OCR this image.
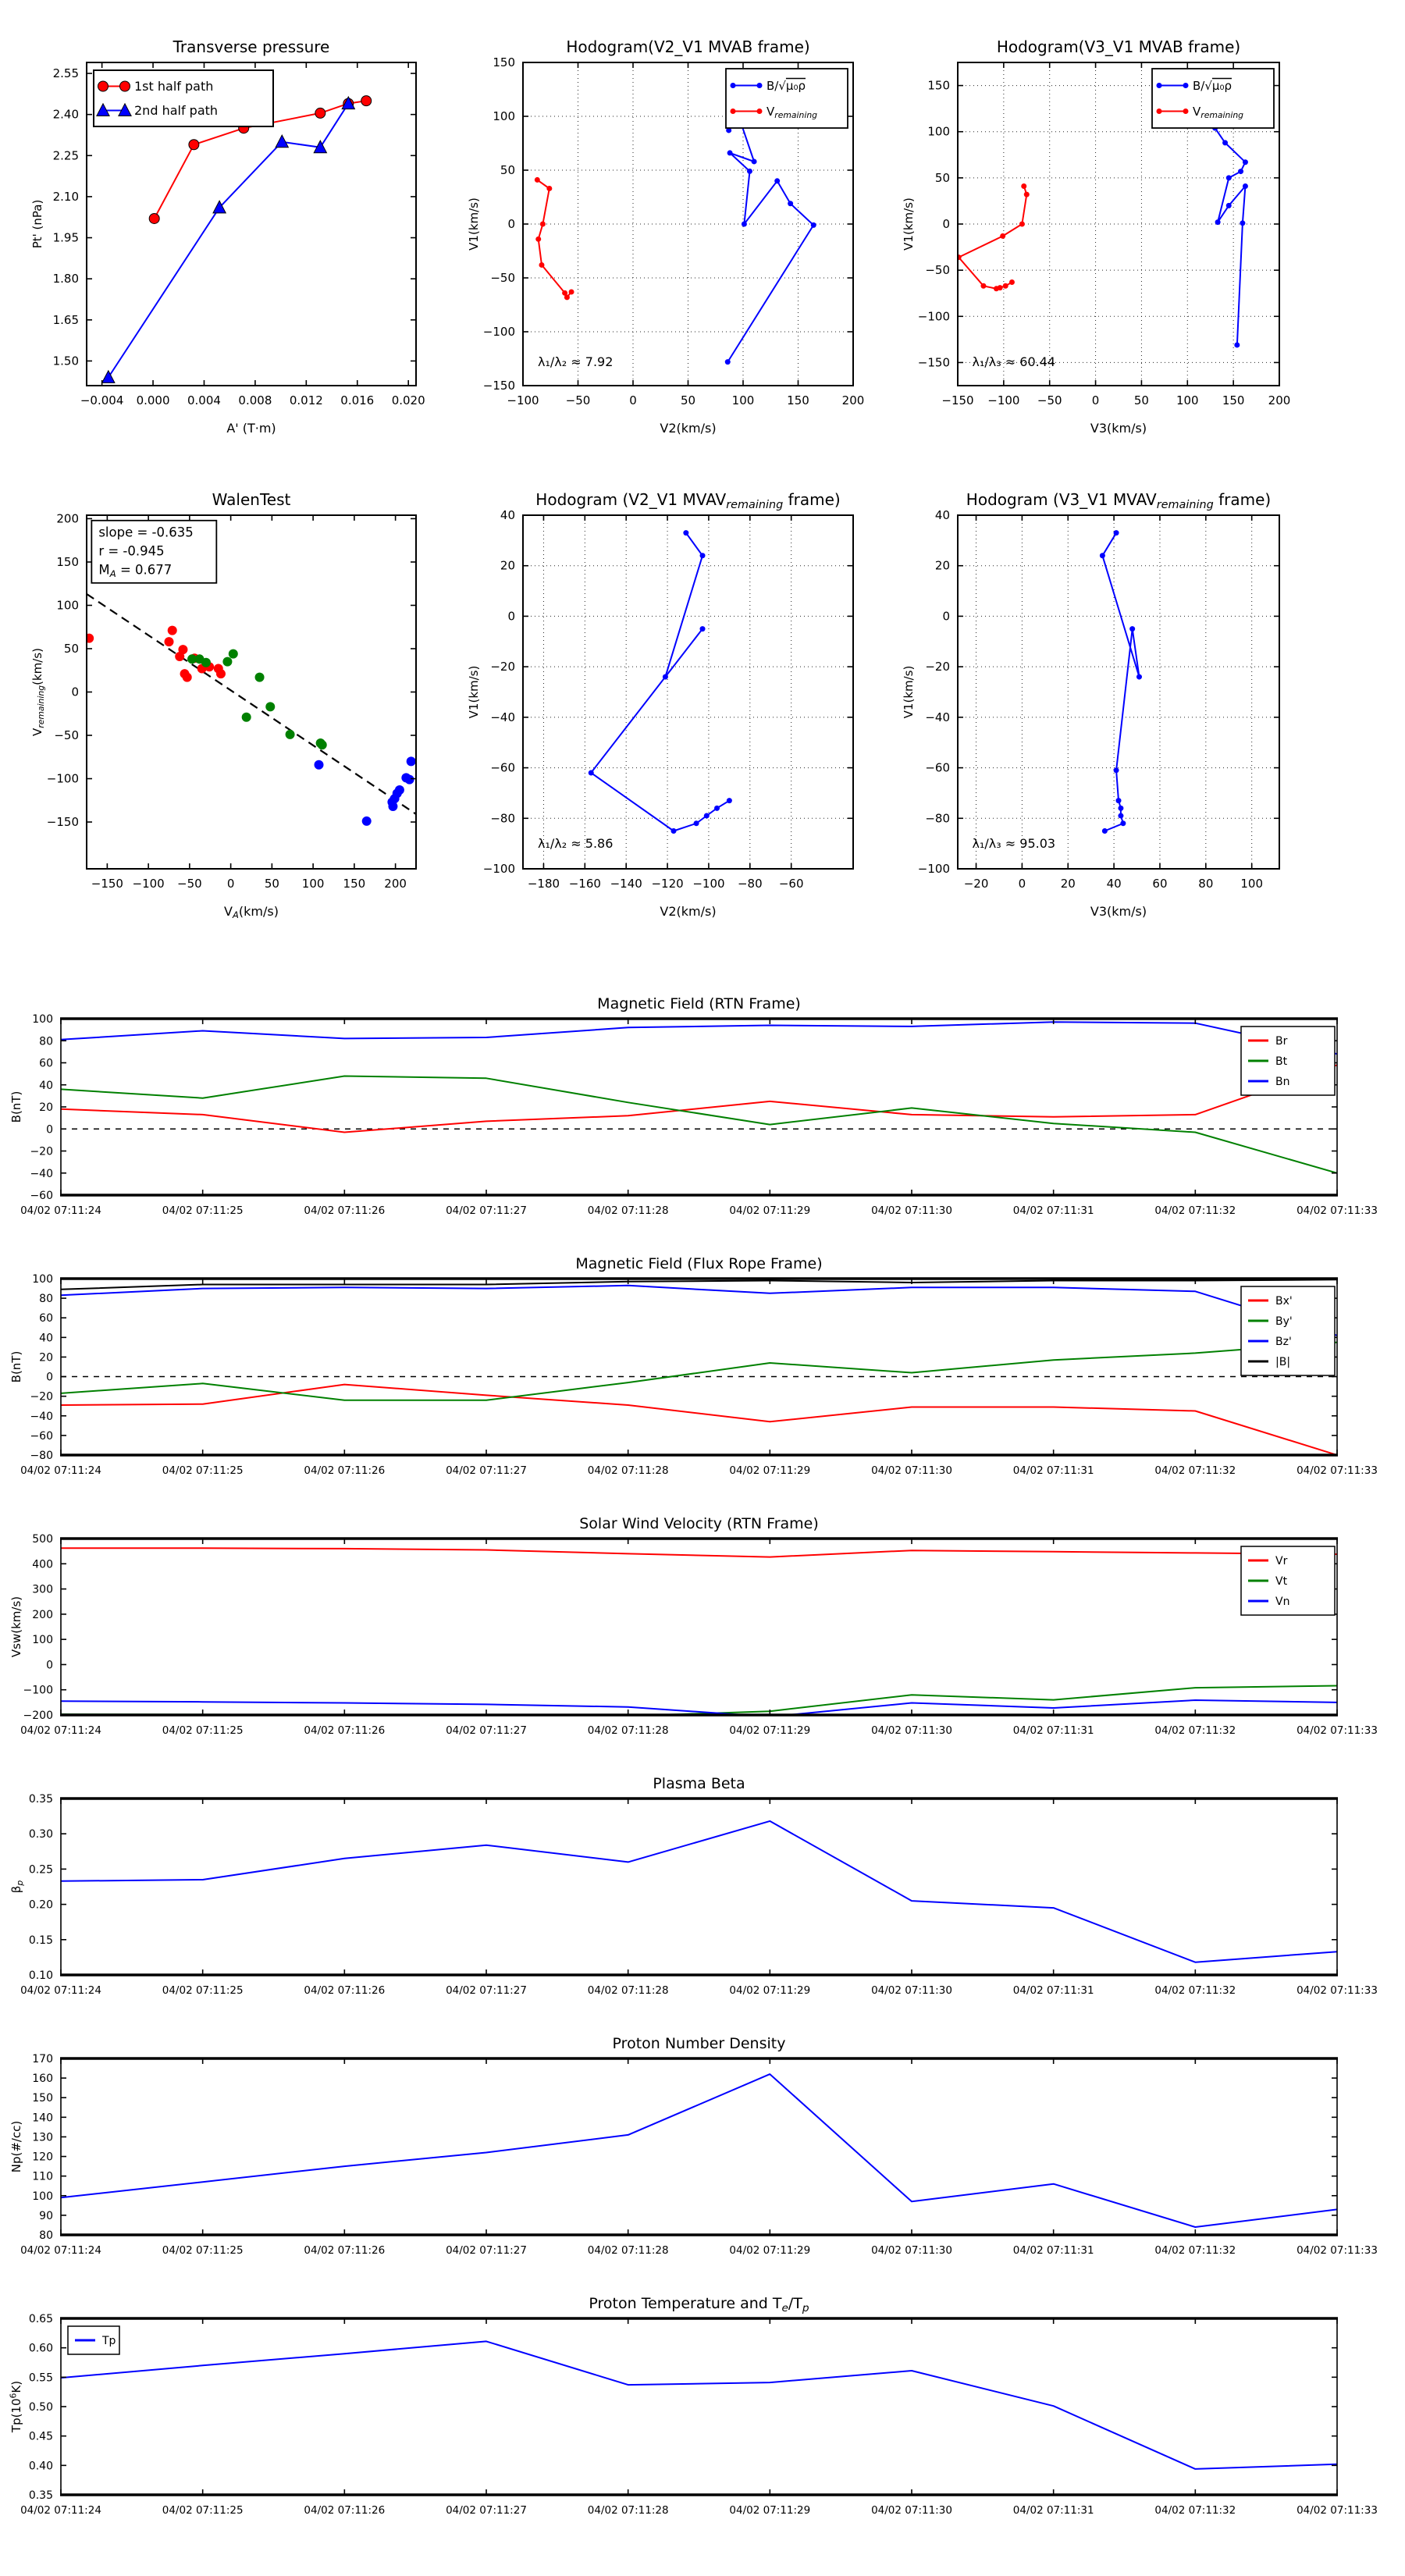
−0.004 0.000 0.004 0.008 0.012 0.016 0.020
1.50
1.65
1.80
1.95
2.10
2.25
2.40
2.55
Transverse pressure
A' (T·m)
Pt' (nPa)
1st half path
2nd half path
−100 −50	0	50	100	150	200
−150
−100
−50
0
50
100
150
Hodogram(V2_V1 MVAB frame)
V2(km/s)
V1(km/s)
B/√μ₀ρ
$V_{remaining}$
λ₁/λ₂ ≈ 7.92
−150 −100 −50	0	50 100 150 200
−150
−100
−50
0
50
100
150
Hodogram(V3_V1 MVAB frame)
V3(km/s)
V1(km/s)
B/√μ₀ρ
$V_{remaining}$
λ₁/λ₃ ≈ 60.44
−150 −100 −50 0	50 100 150 200
−150
−100
−50
0
50
100
150
200
WalenTest
$V_A(km/s)$
$V_{remaining}(km/s)$
slope = -0.635
r = -0.945
$M_A = 0.677$
−180 −160 −140 −120 −100 −80 −60
−100
−80
−60
−40
−20
0
20
40
Hodogram (V2_V1 $MVAV_{remaining}$ frame)
V2(km/s)
V1(km/s)
λ₁/λ₂ ≈ 5.86
−20	0	20	40	60	80 100
−100
−80
−60
−40
−20
0
20
40
Hodogram (V3_V1 $MVAV_{remaining}$ frame)
V3(km/s)
V1(km/s)
λ₁/λ₃ ≈ 95.03
04/02 07:11:24	04/02 07:11:25	04/02 07:11:26	04/02 07:11:27	04/02 07:11:28	04/02 07:11:29	04/02 07:11:30	04/02 07:11:31	04/02 07:11:32	04/02 07:11:33
−60
−40
−20
0
20
40
60
80
100
Magnetic Field (RTN Frame)
B(nT)
Br
Bt
Bn
04/02 07:11:24	04/02 07:11:25	04/02 07:11:26	04/02 07:11:27	04/02 07:11:28	04/02 07:11:29	04/02 07:11:30	04/02 07:11:31	04/02 07:11:32	04/02 07:11:33
−80
−60
−40
−20
0
20
40
60
80
100
Magnetic Field (Flux Rope Frame)
B(nT)
Bx'
By'
Bz'
|B|
04/02 07:11:24	04/02 07:11:25	04/02 07:11:26	04/02 07:11:27	04/02 07:11:28	04/02 07:11:29	04/02 07:11:30	04/02 07:11:31	04/02 07:11:32	04/02 07:11:33
−200
−100
0
100
200
300
400
500
Solar Wind Velocity (RTN Frame)
Vsw(km/s)
Vr
Vt
Vn
04/02 07:11:24	04/02 07:11:25	04/02 07:11:26	04/02 07:11:27	04/02 07:11:28	04/02 07:11:29	04/02 07:11:30	04/02 07:11:31	04/02 07:11:32	04/02 07:11:33
0.10
0.15
0.20
0.25
0.30
0.35
Plasma Beta
$\beta_p$
04/02 07:11:24	04/02 07:11:25	04/02 07:11:26	04/02 07:11:27	04/02 07:11:28	04/02 07:11:29	04/02 07:11:30	04/02 07:11:31	04/02 07:11:32	04/02 07:11:33
80
90
100
110
120
130
140
150
160
170
Proton Number Density
Np(#/cc)
04/02 07:11:24	04/02 07:11:25	04/02 07:11:26	04/02 07:11:27	04/02 07:11:28	04/02 07:11:29	04/02 07:11:30	04/02 07:11:31	04/02 07:11:32	04/02 07:11:33
0.35
0.40
0.45
0.50
0.55
0.60
0.65
Proton Temperature and $T_e/T_p$
$Tp(10^6K)$
Tp
